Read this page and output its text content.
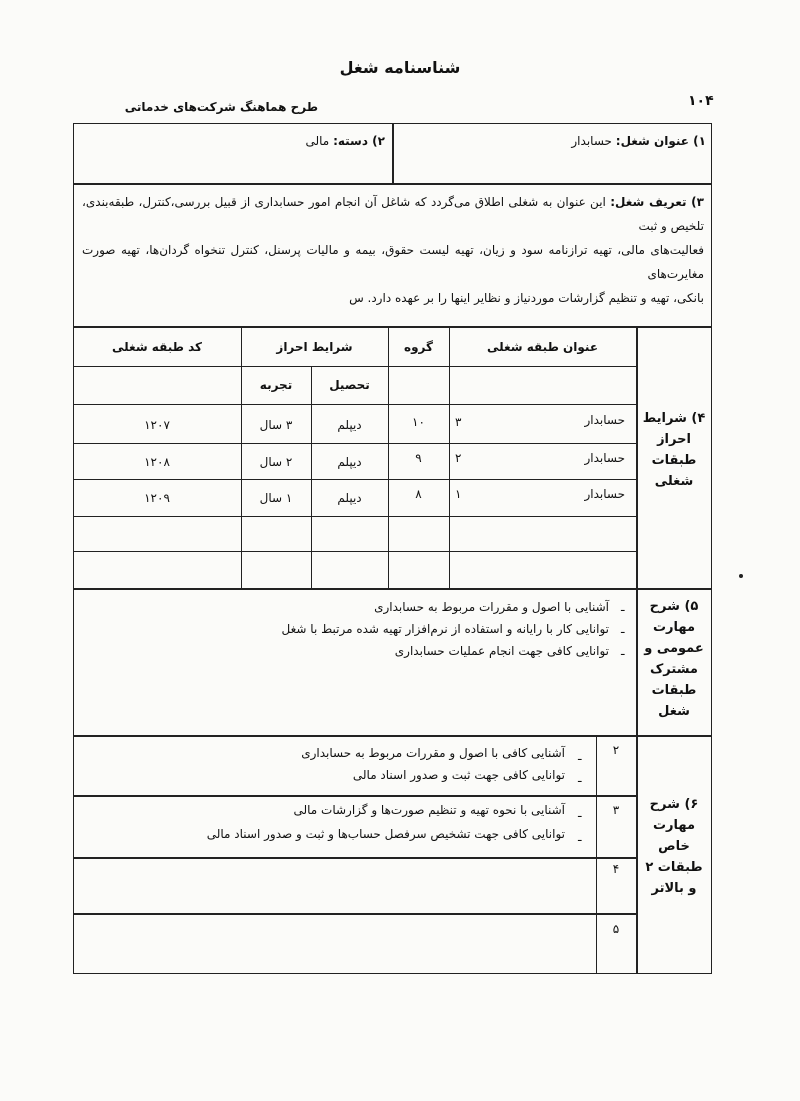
شناسنامه شغل
طرح هماهنگ شرکت‌های خدماتی	۱۰۴
۱) عنوان شغل: حسابدار
۲) دسته: مالی
۳) تعریف شغل: این عنوان به شغلی اطلاق می‌گردد که شاغل آن انجام امور حسابداری از قبیل بررسی،کنترل، طبقه‌بندی، تلخیص و ثبت
فعالیت‌های مالی، تهیه ترازنامه سود و زیان، تهیه لیست حقوق، بیمه و مالیات پرسنل، کنترل تنخواه گردان‌ها، تهیه صورت مغایرت‌های
بانکی، تهیه و تنظیم گزارشات موردنیاز و نظایر اینها را بر عهده دارد. س
۴) شرایط احراز طبقات شغلی
عنوان طبقه شغلی
گروه
شرایط احراز
تحصیل
تجربه
کد طبقه شغلی
حسابدار
۳
۱۰
دیپلم
۳ سال
۱۲۰۷
حسابدار
۲
۹
دیپلم
۲ سال
۱۲۰۸
حسابدار
۱
۸
دیپلم
۱ سال
۱۲۰۹
۵) شرح مهارت عمومی و مشترک طبقات شغل
ـ
آشنایی با اصول و مقررات مربوط به حسابداری
ـ
توانایی کار با رایانه و استفاده از نرم‌افزار تهیه شده مرتبط با شغل
ـ
توانایی کافی جهت انجام عملیات حسابداری
۶) شرح مهارت خاص طبقات ۲ و بالاتر
۲
ـ
آشنایی کافی با اصول و مقررات مربوط به حسابداری
ـ
توانایی کافی جهت ثبت و صدور اسناد مالی
۳
ـ
آشنایی با نحوه تهیه و تنظیم صورت‌ها و گزارشات مالی
ـ
توانایی کافی جهت تشخیص سرفصل حساب‌ها و ثبت و صدور اسناد مالی
۴
۵
